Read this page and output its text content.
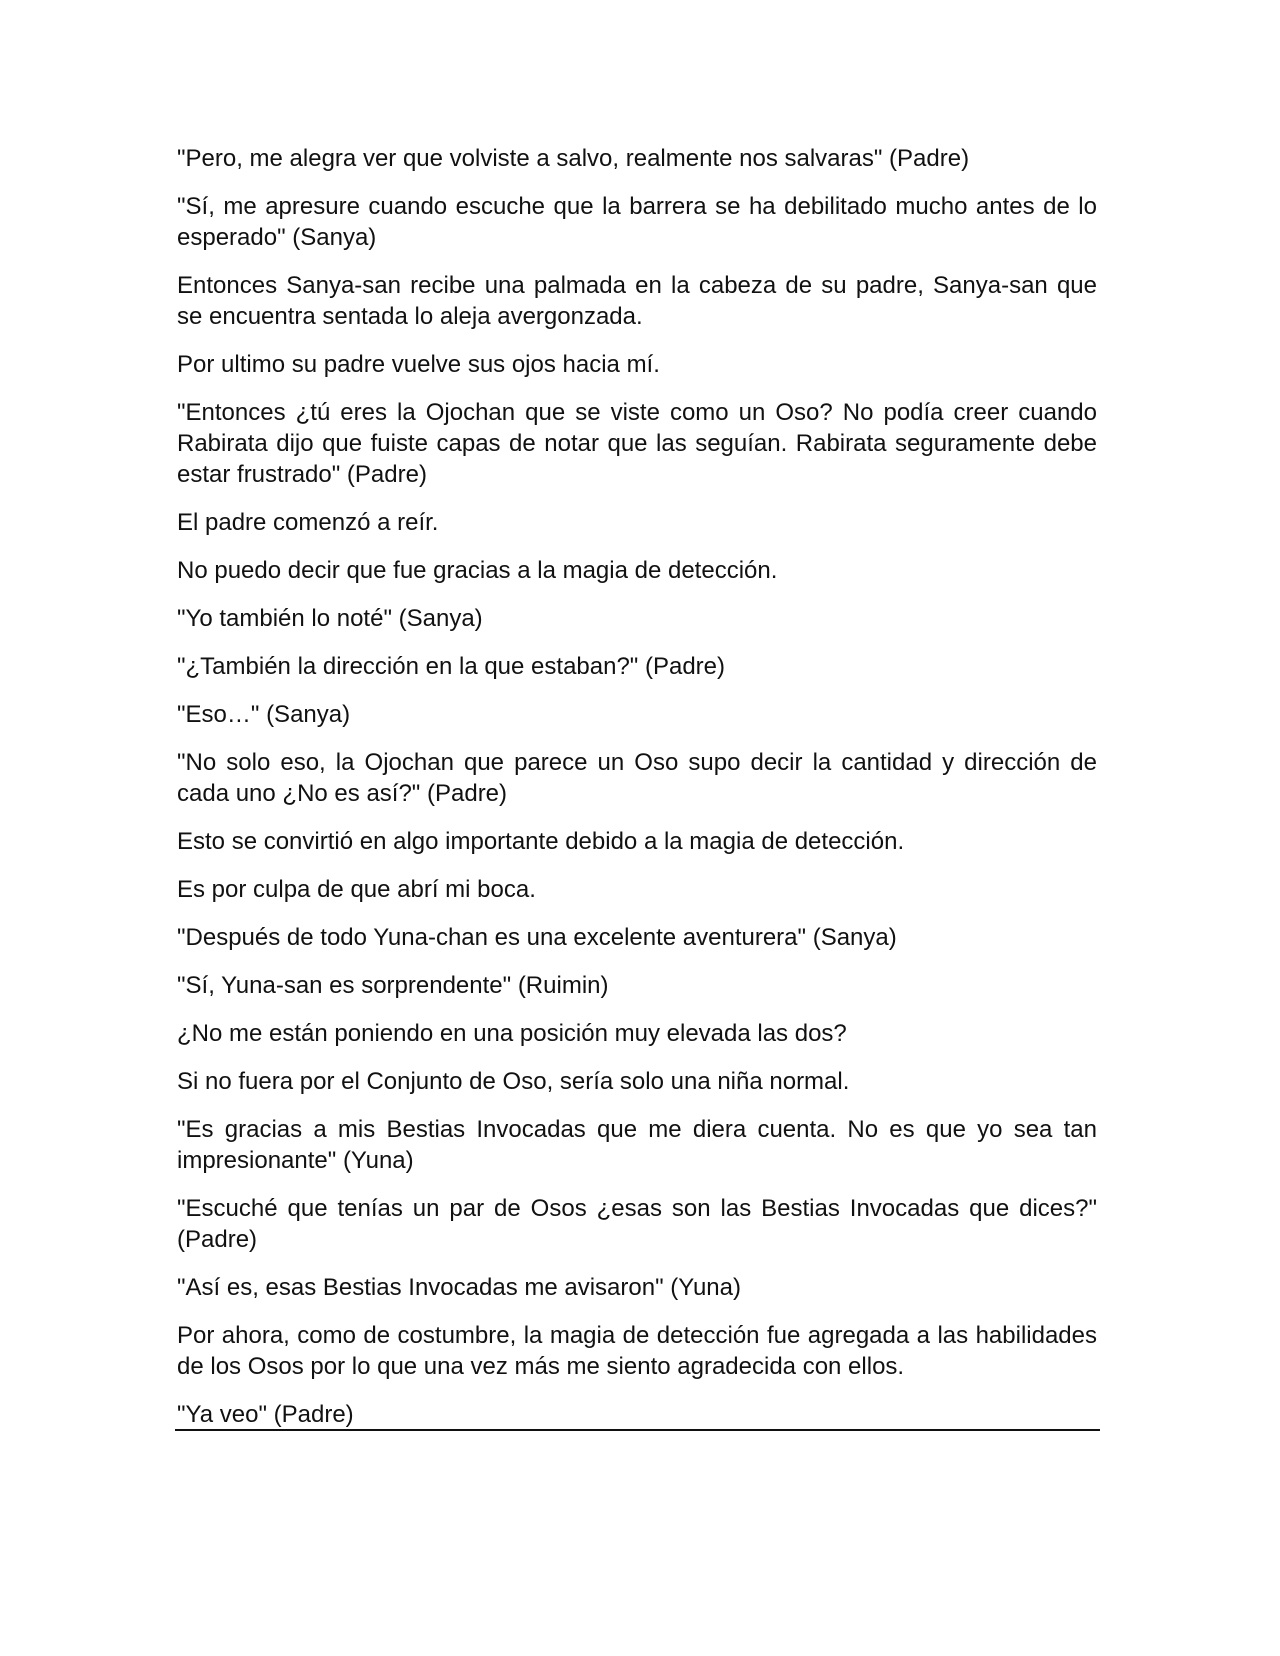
"Pero, me alegra ver que volviste a salvo, realmente nos salvaras" (Padre)

"Sí, me apresure cuando escuche que la barrera se ha debilitado mucho antes de lo esperado" (Sanya)

Entonces Sanya-san recibe una palmada en la cabeza de su padre, Sanya-san que se encuentra sentada lo aleja avergonzada.

Por ultimo su padre vuelve sus ojos hacia mí.

"Entonces ¿tú eres la Ojochan que se viste como un Oso? No podía creer cuando Rabirata dijo que fuiste capas de notar que las seguían. Rabirata seguramente debe estar frustrado" (Padre)

El padre comenzó a reír.

No puedo decir que fue gracias a la magia de detección.

"Yo también lo noté" (Sanya)

"¿También la dirección en la que estaban?" (Padre)

"Eso…" (Sanya)

"No solo eso, la Ojochan que parece un Oso supo decir la cantidad y dirección de cada uno ¿No es así?" (Padre)

Esto se convirtió en algo importante debido a la magia de detección.

Es por culpa de que abrí mi boca.

"Después de todo Yuna-chan es una excelente aventurera" (Sanya)

"Sí, Yuna-san es sorprendente" (Ruimin)

¿No me están poniendo en una posición muy elevada las dos?

Si no fuera por el Conjunto de Oso, sería solo una niña normal.

"Es gracias a mis Bestias Invocadas que me diera cuenta. No es que yo sea tan impresionante" (Yuna)

"Escuché que tenías un par de Osos ¿esas son las Bestias Invocadas que dices?" (Padre)

"Así es, esas Bestias Invocadas me avisaron" (Yuna)

Por ahora, como de costumbre, la magia de detección fue agregada a las habilidades de los Osos por lo que una vez más me siento agradecida con ellos.

"Ya veo" (Padre)
